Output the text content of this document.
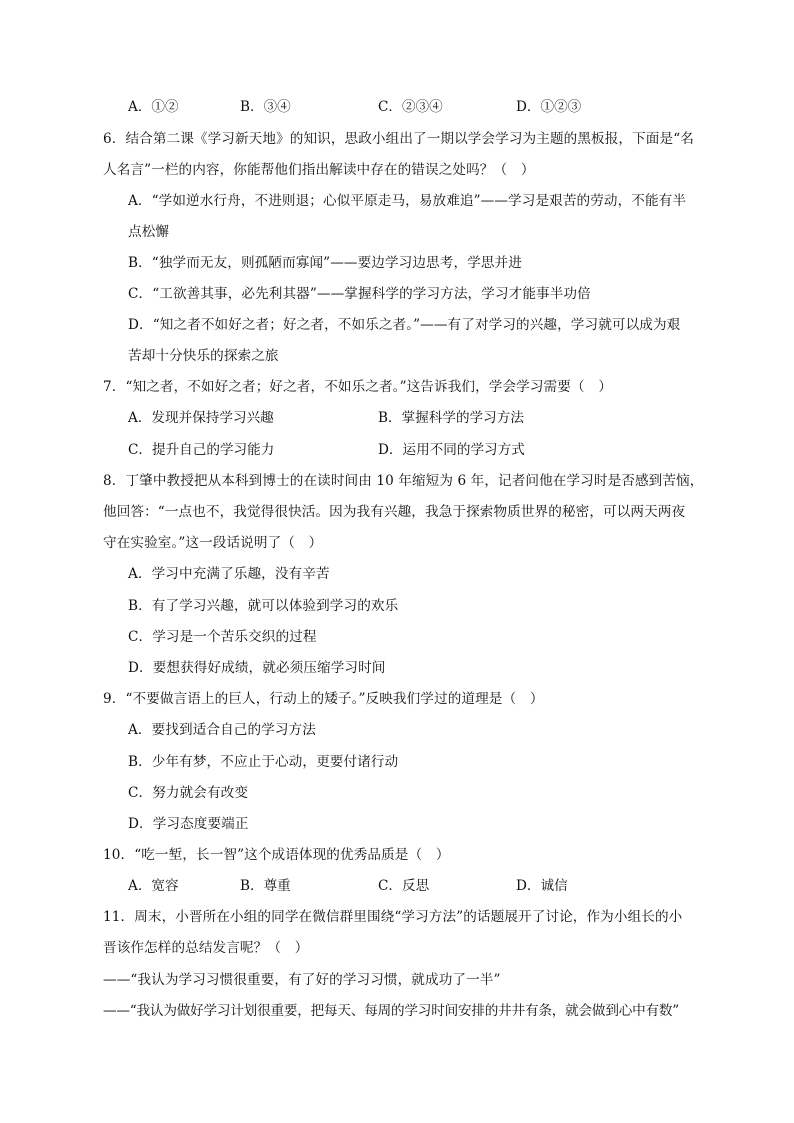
A．①②	B．③④	C．②③④	D．①②③
6．结合第二课《学习新天地》的知识，思政小组出了一期以学会学习为主题的黑板报，下面是“名
人名言”一栏的内容，你能帮他们指出解读中存在的错误之处吗？（　）
A．“学如逆水行舟，不进则退；心似平原走马，易放难追”——学习是艰苦的劳动，不能有半
点松懈
B．“独学而无友，则孤陋而寡闻”——要边学习边思考，学思并进
C．“工欲善其事，必先利其器”——掌握科学的学习方法，学习才能事半功倍
D．“知之者不如好之者；好之者，不如乐之者。”——有了对学习的兴趣，学习就可以成为艰
苦却十分快乐的探索之旅
7．“知之者，不如好之者；好之者，不如乐之者。”这告诉我们，学会学习需要（　）
A．发现并保持学习兴趣	B．掌握科学的学习方法
C．提升自己的学习能力	D．运用不同的学习方式
8．丁肇中教授把从本科到博士的在读时间由 10 年缩短为 6 年，记者问他在学习时是否感到苦恼，
他回答：“一点也不，我觉得很快活。因为我有兴趣，我急于探索物质世界的秘密，可以两天两夜
守在实验室。”这一段话说明了（　）
A．学习中充满了乐趣，没有辛苦
B．有了学习兴趣，就可以体验到学习的欢乐
C．学习是一个苦乐交织的过程
D．要想获得好成绩，就必须压缩学习时间
9．“不要做言语上的巨人，行动上的矮子。”反映我们学过的道理是（　）
A．要找到适合自己的学习方法
B．少年有梦，不应止于心动，更要付诸行动
C．努力就会有改变
D．学习态度要端正
10．“吃一堑，长一智”这个成语体现的优秀品质是（　）
A．宽容	B．尊重	C．反思	D．诚信
11．周末，小晋所在小组的同学在微信群里围绕“学习方法”的话题展开了讨论，作为小组长的小
晋该作怎样的总结发言呢？（　）
——“我认为学习习惯很重要，有了好的学习习惯，就成功了一半”
——“我认为做好学习计划很重要，把每天、每周的学习时间安排的井井有条，就会做到心中有数”
